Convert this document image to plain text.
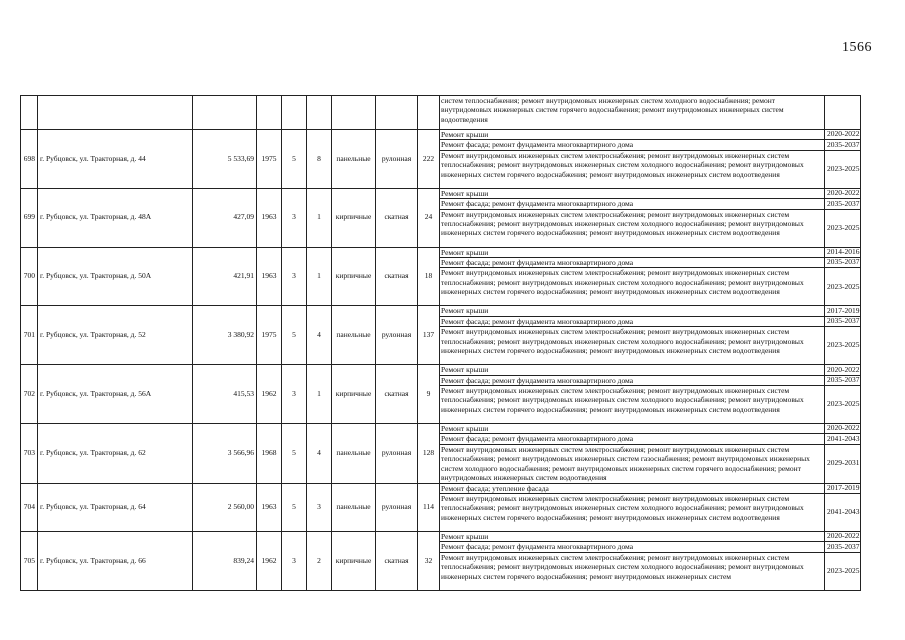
1566
									систем теплоснабжения; ремонт внутридомовых инженерных систем холодного водоснабжения; ремонт внутридомовых инженерных систем горячего водоснабжения; ремонт внутридомовых инженерных систем водоотведения	
698	г. Рубцовск, ул. Тракторная, д. 44	5 533,69	1975	5	8	панельные	рулонная	222	Ремонт крыши	2020-2022
									Ремонт фасада; ремонт фундамента многоквартирного дома	2035-2037
									Ремонт внутридомовых инженерных систем электроснабжения; ремонт внутридомовых инженерных систем теплоснабжения; ремонт внутридомовых инженерных систем холодного водоснабжения; ремонт внутридомовых инженерных систем горячего водоснабжения; ремонт внутридомовых инженерных систем водоотведения	2023-2025
699	г. Рубцовск, ул. Тракторная, д. 48А	427,09	1963	3	1	кирпичные	скатная	24	Ремонт крыши	2020-2022
									Ремонт фасада; ремонт фундамента многоквартирного дома	2035-2037
									Ремонт внутридомовых инженерных систем электроснабжения; ремонт внутридомовых инженерных систем теплоснабжения; ремонт внутридомовых инженерных систем холодного водоснабжения; ремонт внутридомовых инженерных систем горячего водоснабжения; ремонт внутридомовых инженерных систем водоотведения	2023-2025
700	г. Рубцовск, ул. Тракторная, д. 50А	421,91	1963	3	1	кирпичные	скатная	18	Ремонт крыши	2014-2016
									Ремонт фасада; ремонт фундамента многоквартирного дома	2035-2037
									Ремонт внутридомовых инженерных систем электроснабжения; ремонт внутридомовых инженерных систем теплоснабжения; ремонт внутридомовых инженерных систем холодного водоснабжения; ремонт внутридомовых инженерных систем горячего водоснабжения; ремонт внутридомовых инженерных систем водоотведения	2023-2025
701	г. Рубцовск, ул. Тракторная, д. 52	3 380,92	1975	5	4	панельные	рулонная	137	Ремонт крыши	2017-2019
									Ремонт фасада; ремонт фундамента многоквартирного дома	2035-2037
									Ремонт внутридомовых инженерных систем электроснабжения; ремонт внутридомовых инженерных систем теплоснабжения; ремонт внутридомовых инженерных систем холодного водоснабжения; ремонт внутридомовых инженерных систем горячего водоснабжения; ремонт внутридомовых инженерных систем водоотведения	2023-2025
702	г. Рубцовск, ул. Тракторная, д. 56А	415,53	1962	3	1	кирпичные	скатная	9	Ремонт крыши	2020-2022
									Ремонт фасада; ремонт фундамента многоквартирного дома	2035-2037
									Ремонт внутридомовых инженерных систем электроснабжения; ремонт внутридомовых инженерных систем теплоснабжения; ремонт внутридомовых инженерных систем холодного водоснабжения; ремонт внутридомовых инженерных систем горячего водоснабжения; ремонт внутридомовых инженерных систем водоотведения	2023-2025
703	г. Рубцовск, ул. Тракторная, д. 62	3 566,96	1968	5	4	панельные	рулонная	128	Ремонт крыши	2020-2022
									Ремонт фасада; ремонт фундамента многоквартирного дома	2041-2043
									Ремонт внутридомовых инженерных систем электроснабжения; ремонт внутридомовых инженерных систем теплоснабжения; ремонт внутридомовых инженерных систем газоснабжения; ремонт внутридомовых инженерных систем холодного водоснабжения; ремонт внутридомовых инженерных систем горячего водоснабжения; ремонт внутридомовых инженерных систем водоотведения	2029-2031
704	г. Рубцовск, ул. Тракторная, д. 64	2 560,00	1963	5	3	панельные	рулонная	114	Ремонт фасада; утепление фасада	2017-2019
									Ремонт внутридомовых инженерных систем электроснабжения; ремонт внутридомовых инженерных систем теплоснабжения; ремонт внутридомовых инженерных систем холодного водоснабжения; ремонт внутридомовых инженерных систем горячего водоснабжения; ремонт внутридомовых инженерных систем водоотведения	2041-2043
705	г. Рубцовск, ул. Тракторная, д. 66	839,24	1962	3	2	кирпичные	скатная	32	Ремонт крыши	2020-2022
									Ремонт фасада; ремонт фундамента многоквартирного дома	2035-2037
									Ремонт внутридомовых инженерных систем электроснабжения; ремонт внутридомовых инженерных систем теплоснабжения; ремонт внутридомовых инженерных систем холодного водоснабжения; ремонт внутридомовых инженерных систем горячего водоснабжения; ремонт внутридомовых инженерных систем	2023-2025
